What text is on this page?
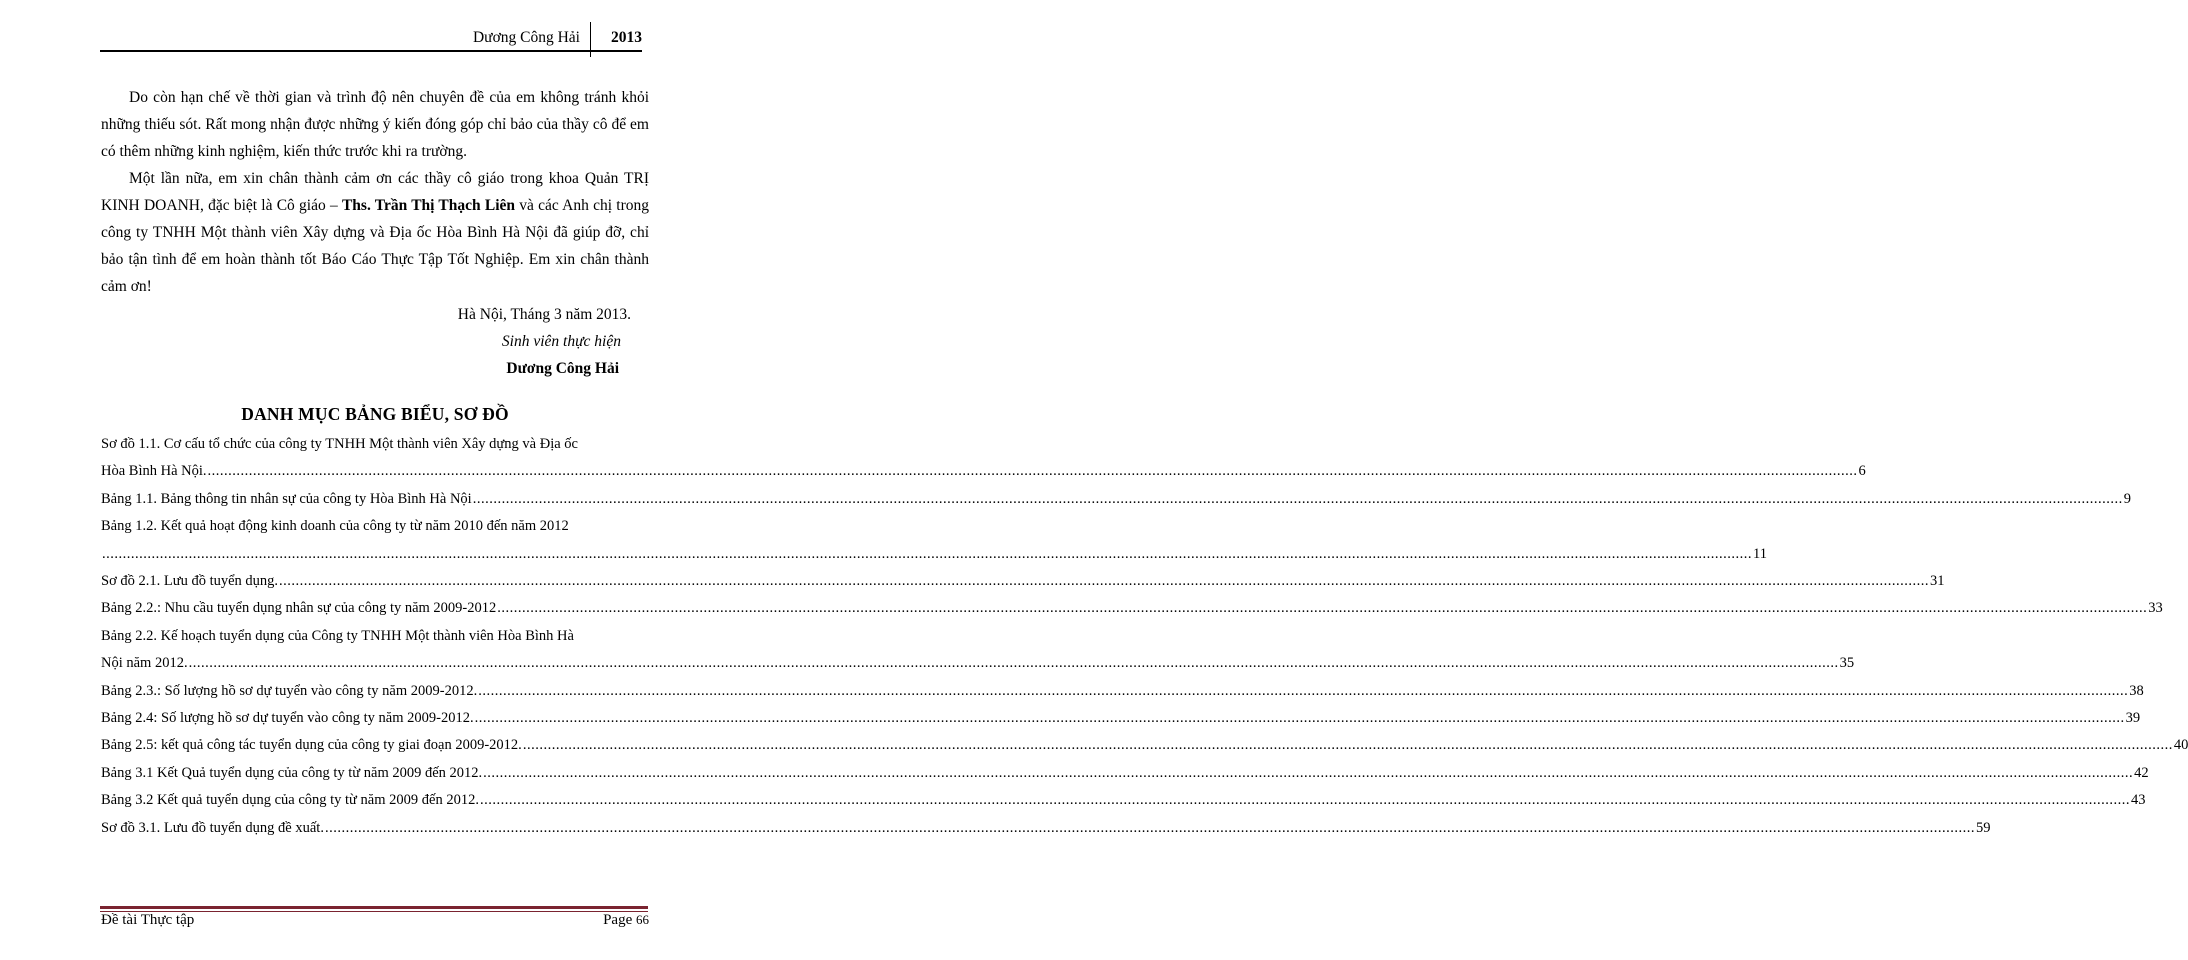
Dương Công Hải 2013

Do còn hạn chế về thời gian và trình độ nên chuyên đề của em không tránh khỏi những thiếu sót. Rất mong nhận được những ý kiến đóng góp chỉ bảo của thầy cô để em có thêm những kinh nghiệm, kiến thức trước khi ra trường.

Một lần nữa, em xin chân thành cảm ơn các thầy cô giáo trong khoa Quản TRỊ KINH DOANH, đặc biệt là Cô giáo – Ths. Trần Thị Thạch Liên và các Anh chị trong công ty TNHH Một thành viên Xây dựng và Địa ốc Hòa Bình Hà Nội đã giúp đỡ, chỉ bảo tận tình để em hoàn thành tốt Báo Cáo Thực Tập Tốt Nghiệp. Em xin chân thành cảm ơn!

Hà Nội, Tháng 3 năm 2013.
Sinh viên thực hiện
Dương Công Hải
DANH MỤC BẢNG BIỂU, SƠ ĐỒ
Sơ đồ 1.1. Cơ cấu tổ chức của công ty TNHH Một thành viên Xây dựng và Địa ốc
Hòa Bình Hà Nội. ................................................................................................................................................................................................................................................................................................................................................................................................................ 6
Bảng 1.1. Bảng thông tin nhân sự của công ty Hòa Bình Hà Nội ................................................................................................................................................................................................................................................................................................................................................................................................................ 9
Bảng 1.2. Kết quả hoạt động kinh doanh của công ty từ năm 2010 đến năm 2012
................................................................................................................................................................................................................................................................................................................................................................................................................ 11
Sơ đồ 2.1. Lưu đồ tuyển dụng. ................................................................................................................................................................................................................................................................................................................................................................................................................ 31
Bảng 2.2.: Nhu cầu tuyển dụng nhân sự của công ty năm 2009-2012 ................................................................................................................................................................................................................................................................................................................................................................................................................ 33
Bảng 2.2. Kế hoạch tuyển dụng của Công ty TNHH Một thành viên Hòa Bình Hà
Nội năm 2012. ................................................................................................................................................................................................................................................................................................................................................................................................................ 35
Bảng 2.3.: Số lượng hồ sơ dự tuyển vào công ty năm 2009-2012. ................................................................................................................................................................................................................................................................................................................................................................................................................ 38
Bảng 2.4: Số lượng hồ sơ dự tuyển vào công ty năm 2009-2012. ................................................................................................................................................................................................................................................................................................................................................................................................................ 39
Bảng 2.5: kết quả công tác tuyển dụng của công ty giai đoạn 2009-2012. ................................................................................................................................................................................................................................................................................................................................................................................................................ 40
Bảng 3.1 Kết Quả tuyển dụng của công ty từ năm 2009 đến 2012. ................................................................................................................................................................................................................................................................................................................................................................................................................ 42
Bảng 3.2 Kết quả tuyển dụng của công ty từ năm 2009 đến 2012. ................................................................................................................................................................................................................................................................................................................................................................................................................ 43
Sơ đồ 3.1. Lưu đồ tuyển dụng đề xuất. ................................................................................................................................................................................................................................................................................................................................................................................................................ 59
Đề tài Thực tập	Page 66
